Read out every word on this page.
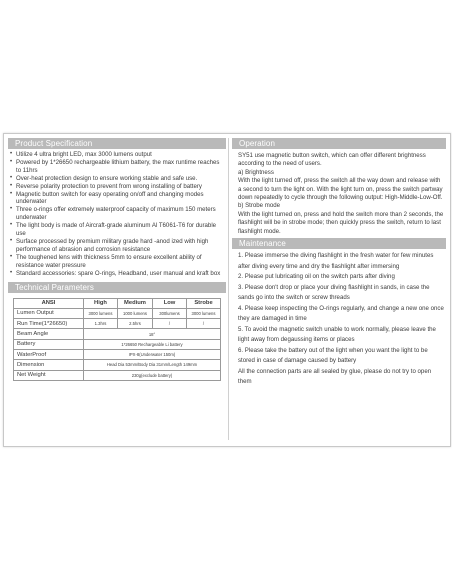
Product Specification
• Utilize 4 ultra bright LED, max 3000 lumens output
• Powered by 1*26650 rechargeable lithium battery, the max runtime reaches to 11hrs
• Over-heat protection design to ensure working stable and safe use.
• Reverse polarity protection to prevent from wrong installing of battery
• Magnetic button switch for easy operating on/off and changing modes underwater
• Three o-rings offer extremely waterproof capacity of maximum 150 meters underwater
• The light body is made of Aircraft-grade aluminum Al T6061-T6 for durable use
• Surface processed by premium military grade hard -anod ized with high performance of abrasion and corrosion resistance
• The toughened lens with thickness 5mm to ensure excellent ability of resistance water pressure
• Standard accessories: spare O-rings, Headband, user manual and kraft box
Technical Parameters
ANSI	High	Medium	Low	Strobe
Lumen Output	3000 lumens	1000 lumens	300lumens	3000 lumens
Run Time(1*26650)	1.3hrs	2.5hrs	/	/
Beam Angle	18°			
Battery	1*26650 Rechargeable Li battery			
WaterProof	IPX-8(Underwater 150m)			
Dimension	Head Dia 53mm/Body Dia 31mm/Length 149mm			
Net Weight	230g(exclude battery)			
Operation

SY51 use magnetic button switch, which can offer different brightness according to the need of users.

a) Brightness

With the light turned off, press the switch all the way down and release with a second to turn the light on. With the light turn on, press the switch partway down repeatedly to cycle through the following output: High-Middle-Low-Off.

b) Strobe mode

With the light turned on, press and hold the switch more than 2 seconds, the flashlight will be in strobe mode; then quickly press the switch, return to last flashlight mode.

Maintenance

1. Please immerse the diving flashlight in the fresh water for few minutes after diving every time and dry the flashlight after immersing

2. Please put lubricating oil on the switch parts after diving

3. Please don't drop or place your diving flashlight in sands, in case the sands go into the switch or screw threads

4. Please keep inspecting the O-rings regularly, and change a new one once they are damaged in time

5. To avoid the magnetic switch unable to work normally, please leave the light away from degaussing items or places

6. Please take the battery out of the light when you want the light to be stored in case of damage caused by battery

All the connection parts are all sealed by glue, please do not try to open them
